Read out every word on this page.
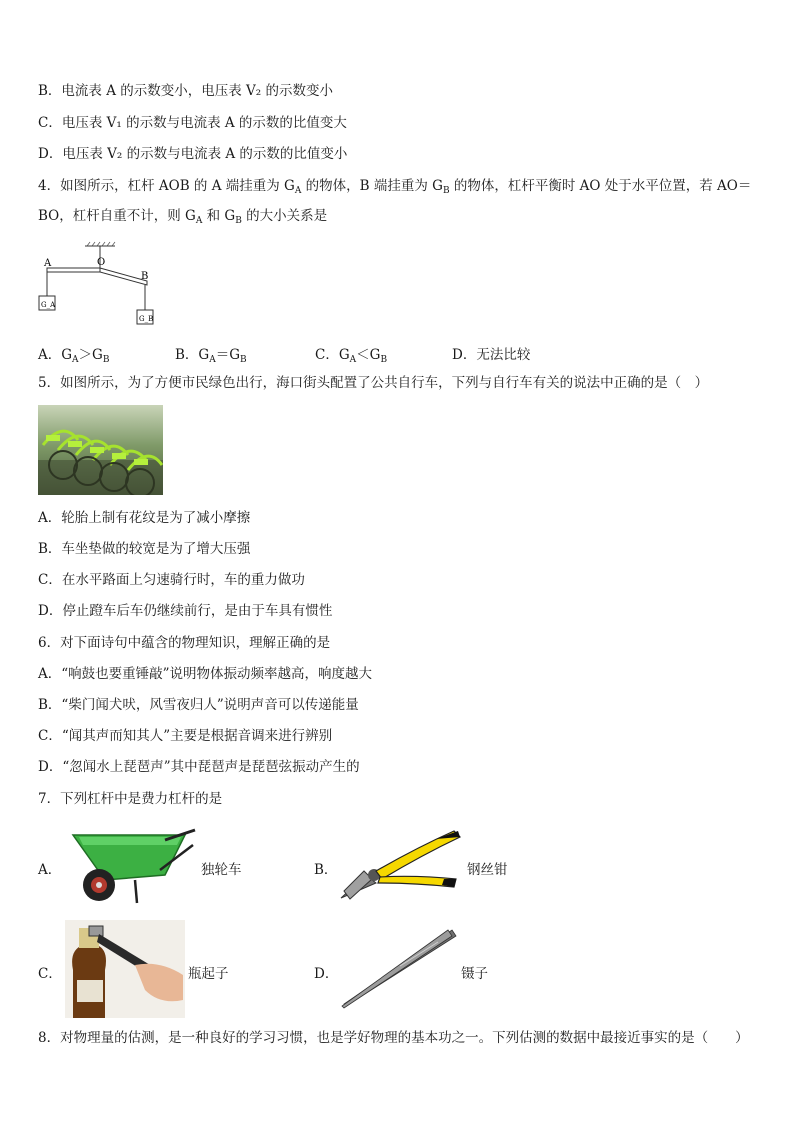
B．电流表 A 的示数变小，电压表 V₂ 的示数变小
C．电压表 V₁ 的示数与电流表 A 的示数的比值变大
D．电压表 V₂ 的示数与电流表 A 的示数的比值变小
4．如图所示，杠杆 AOB 的 A 端挂重为 $G_A$ 的物体，B 端挂重为 $G_B$ 的物体，杠杆平衡时 AO 处于水平位置，若 AO＝
BO，杠杆自重不计，则 $G_A$ 和 $G_B$ 的大小关系是
A	O
B
G_A
G_B
A．$G_A>G_B$	B．$G_A=G_B$	C．$G_A<G_B$	D．无法比较
5．如图所示，为了方便市民绿色出行，海口街头配置了公共自行车，下列与自行车有关的说法中正确的是（　）
A．轮胎上制有花纹是为了减小摩擦
B．车坐垫做的较宽是为了增大压强
C．在水平路面上匀速骑行时，车的重力做功
D．停止蹬车后车仍继续前行，是由于车具有惯性
6．对下面诗句中蕴含的物理知识，理解正确的是
A．“响鼓也要重锤敲”说明物体振动频率越高，响度越大
B．“柴门闻犬吠，风雪夜归人”说明声音可以传递能量
C．“闻其声而知其人”主要是根据音调来进行辨别
D．“忽闻水上琵琶声”其中琵琶声是琵琶弦振动产生的
7．下列杠杆中是费力杠杆的是
A．	独轮车	B．	钢丝钳
C．	瓶起子	D．	镊子
8．对物理量的估测，是一种良好的学习习惯，也是学好物理的基本功之一。下列估测的数据中最接近事实的是（　　）
